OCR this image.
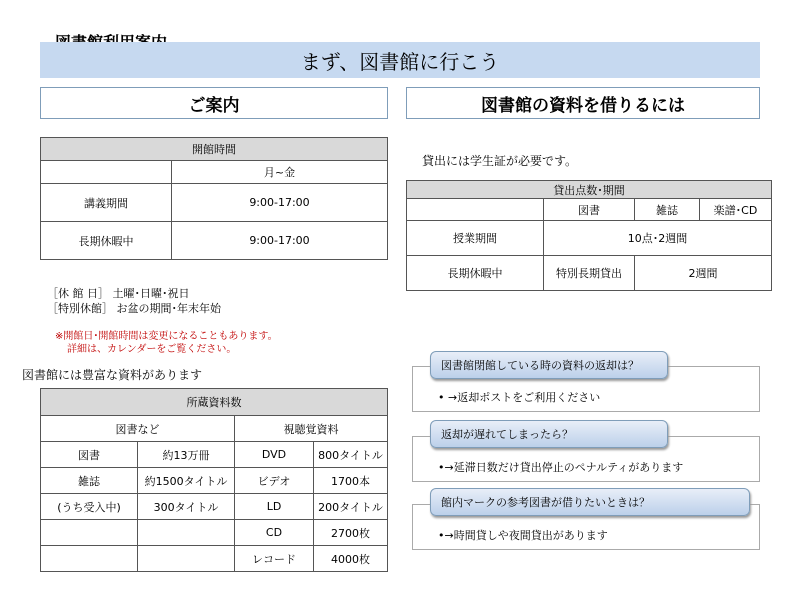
まず、図書館に行こう
ご案内	図書館の資料を借りるには
開館時間	
	月~金
講義期間	9:00-17:00
長期休暇中	9:00-17:00
［休 館 日］ 土曜･日曜･祝日
［特別休館］ お盆の期間･年末年始
※開館日･開館時間は変更になることもあります。
詳細は、カレンダーをご覧ください。
図書館には豊富な資料があります
所蔵資料数			
図書など		視聴覚資料	
図書	約13万冊	DVD	800タイトル
雑誌	約1500タイトル	ビデオ	1700本
(うち受入中)	300タイトル	LD	200タイトル
		CD	2700枚
		レコード	4000枚
貸出には学生証が必要です。
貸出点数･期間			
	図書	雑誌	楽譜･CD
授業期間	10点･2週間		
長期休暇中	特別長期貸出	2週間	
図書館閉館している時の資料の返却は？
• →返却ポストをご利用ください
返却が遅れてしまったら？
•→延滞日数だけ貸出停止のペナルティがあります
館内マークの参考図書が借りたいときは？
•→時間貸しや夜間貸出があります
